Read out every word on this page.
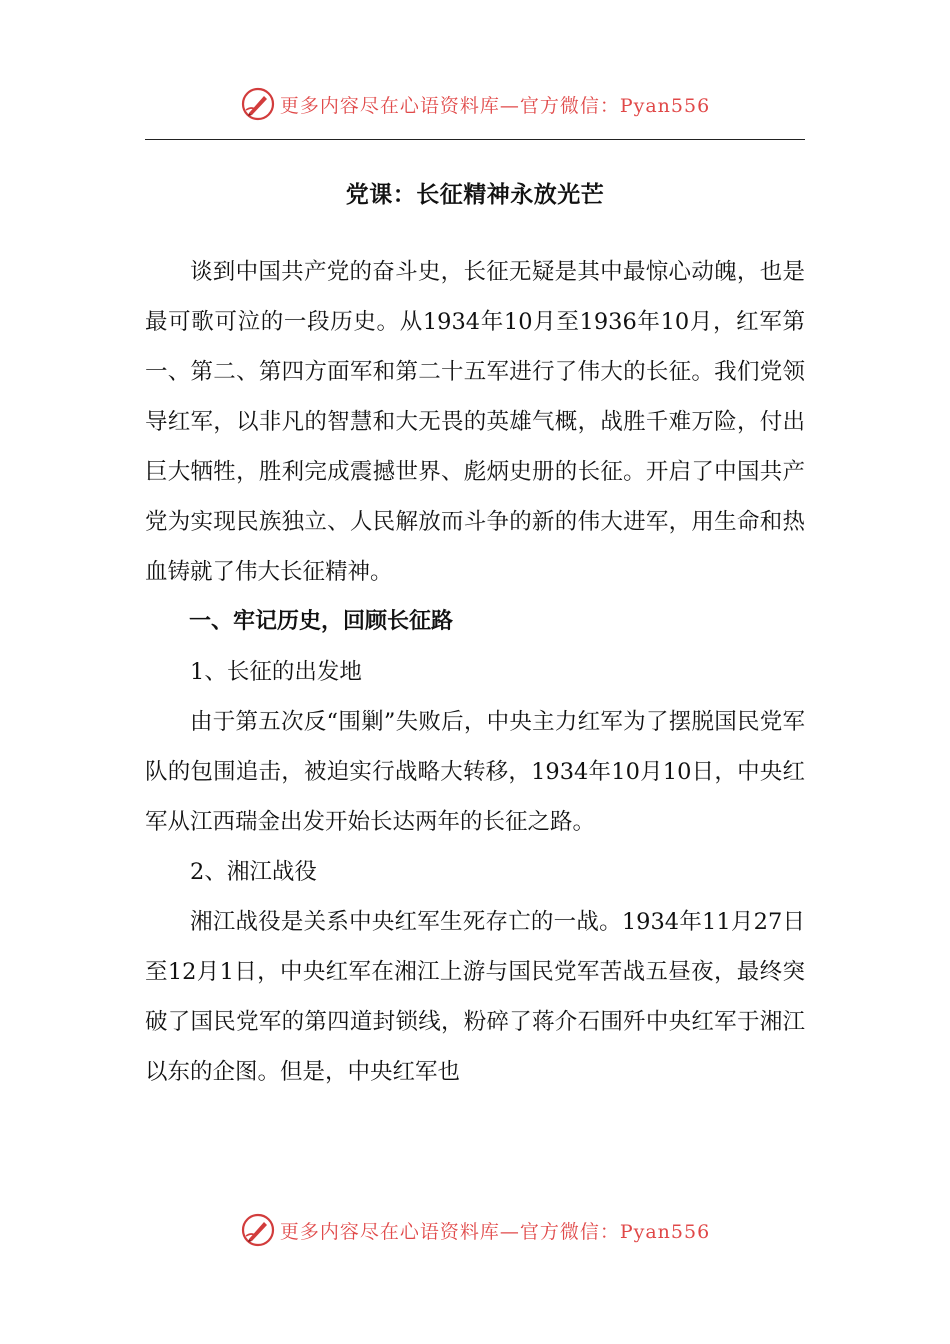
更多内容尽在心语资料库—官方微信：Pyan556
党课：长征精神永放光芒

谈到中国共产党的奋斗史，长征无疑是其中最惊心动魄，也是最可歌可泣的一段历史。从1934年10月至1936年10月，红军第一、第二、第四方面军和第二十五军进行了伟大的长征。我们党领导红军，以非凡的智慧和大无畏的英雄气概，战胜千难万险，付出巨大牺牲，胜利完成震撼世界、彪炳史册的长征。开启了中国共产党为实现民族独立、人民解放而斗争的新的伟大进军，用生命和热血铸就了伟大长征精神。

一、牢记历史，回顾长征路

1、长征的出发地

由于第五次反“围剿”失败后，中央主力红军为了摆脱国民党军队的包围追击，被迫实行战略大转移，1934年10月10日，中央红军从江西瑞金出发开始长达两年的长征之路。

2、湘江战役

湘江战役是关系中央红军生死存亡的一战。1934年11月27日至12月1日，中央红军在湘江上游与国民党军苦战五昼夜，最终突破了国民党军的第四道封锁线，粉碎了蒋介石围歼中央红军于湘江以东的企图。但是，中央红军也

更多内容尽在心语资料库—官方微信：Pyan556
